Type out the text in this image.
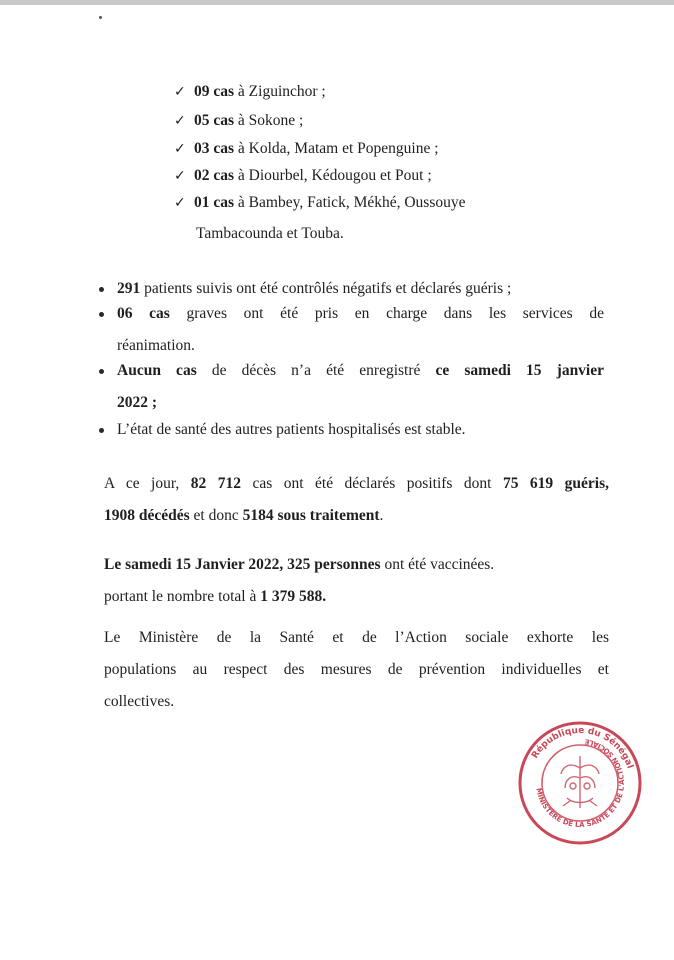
✓ 09 cas à Ziguinchor ;
✓ 05 cas à Sokone ;
✓ 03 cas à Kolda, Matam et Popenguine ;
✓ 02 cas à Diourbel, Kédougou et Pout ;
✓ 01 cas à Bambey, Fatick, Mékhé, Oussouye
Tambacounda et Touba.
291 patients suivis ont été contrôlés négatifs et déclarés guéris ;
06 cas graves ont été pris en charge dans les services de
réanimation.
Aucun cas de décès n’a été enregistré ce samedi 15 janvier
2022 ;
L’état de santé des autres patients hospitalisés est stable.
A ce jour, 82 712 cas ont été déclarés positifs dont 75 619 guéris,
1908 décédés et donc 5184 sous traitement.
Le samedi 15 Janvier 2022, 325 personnes ont été vaccinées.
portant le nombre total à 1 379 588.
Le Ministère de la Santé et de l’Action sociale exhorte les
populations au respect des mesures de prévention individuelles et
collectives.
République du Sénégal
MINISTÈRE DE LA SANTÉ ET DE L'ACTION SOCIALE
